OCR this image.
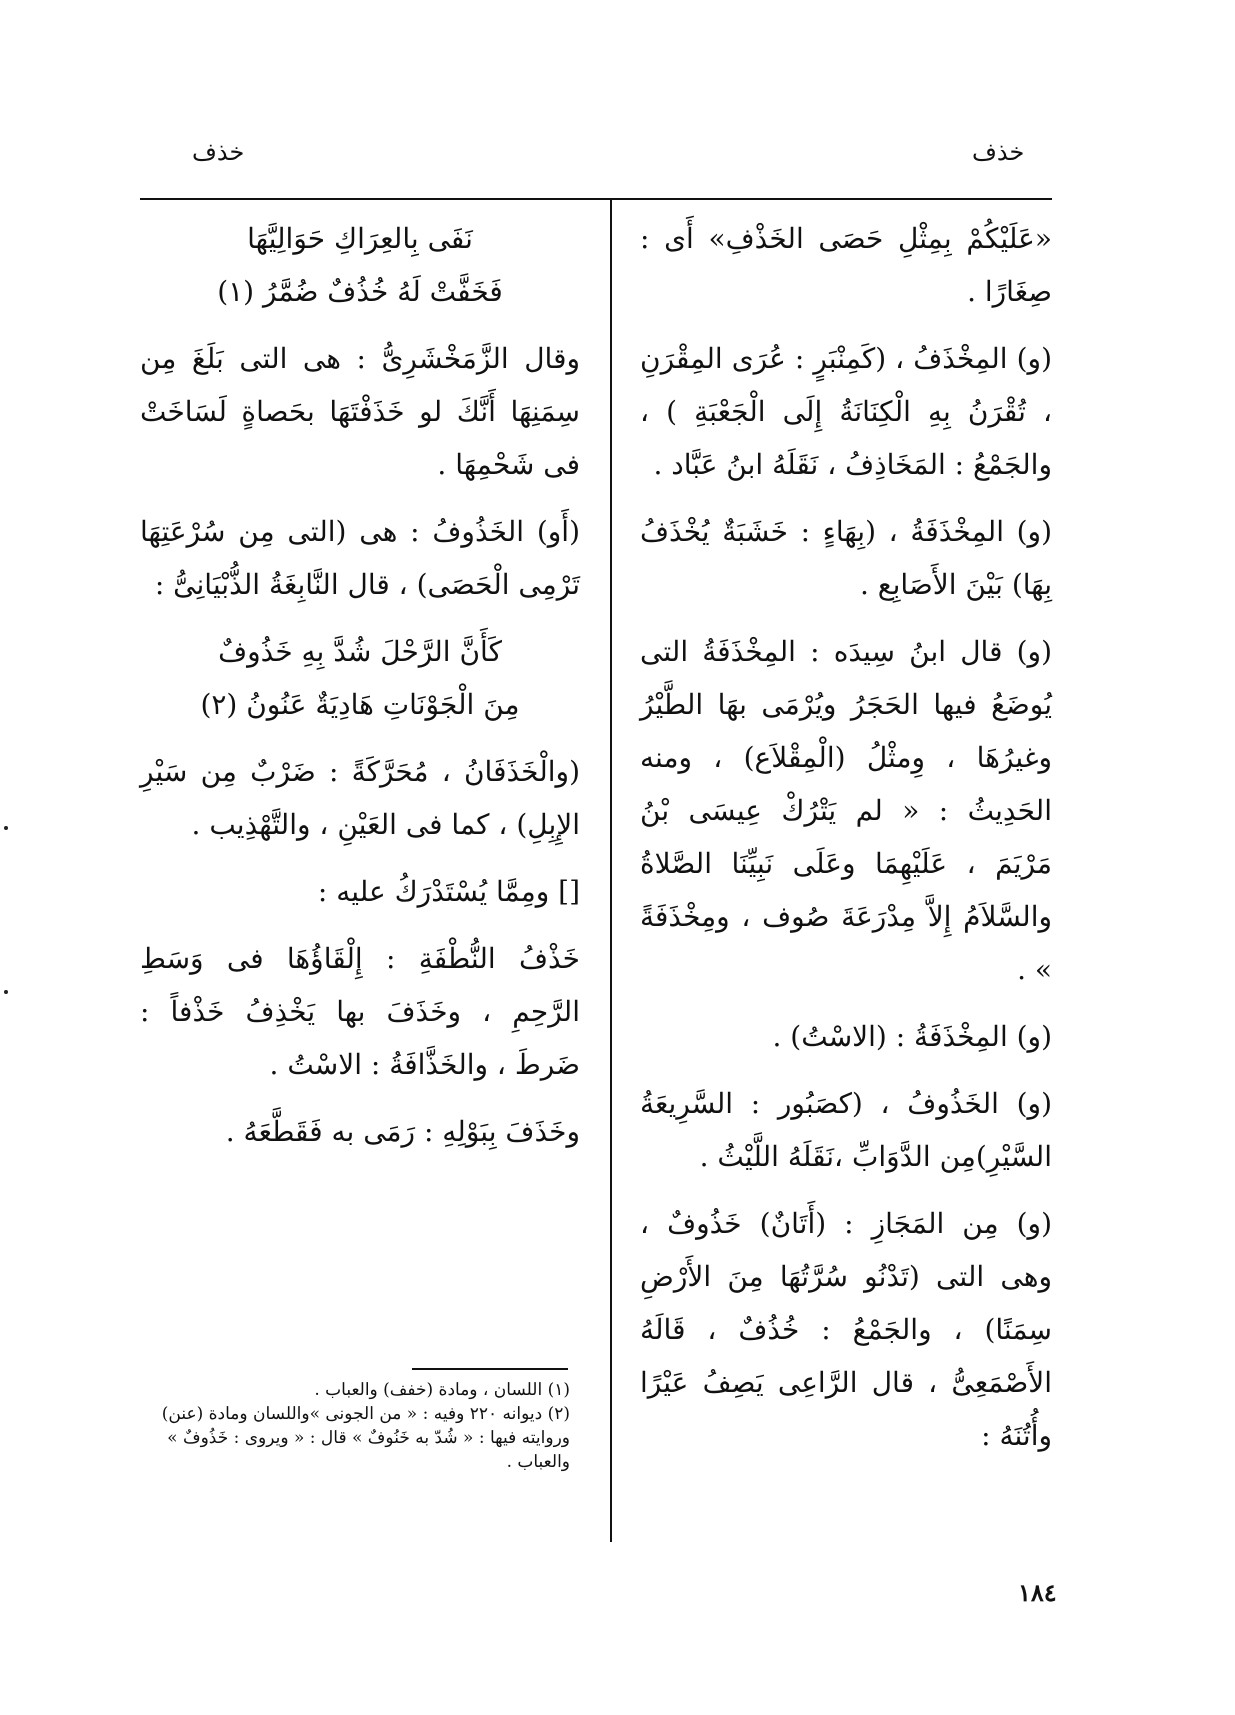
خذف	خذف

«عَلَيْكُمْ بِمِثْلِ حَصَى الخَذْفِ» أَى : صِغَارًا .

(و) المِخْذَفُ ، (كَمِنْبَرٍ : عُرَى المِقْرَنِ ، تُقْرَنُ بِهِ الْكِنَانَةُ إِلَى الْجَعْبَةِ ) ، والجَمْعُ : المَخَاذِفُ ، نَقَلَهُ ابنُ عَبَّاد .

(و) المِخْذَفَةُ ، (بِهَاءٍ : خَشَبَةٌ يُخْذَفُ بِهَا) بَيْنَ الأَصَابِع .

(و) قال ابنُ سِيدَه : المِخْذَفَةُ التى يُوضَعُ فيها الحَجَرُ ويُرْمَى بهَا الطَّيْرُ وغيرُهَا ، وِمثْلُ (الْمِقْلاَع) ، ومنه الحَدِيثُ : « لم يَتْرُكْ عِيسَى بْنُ مَرْيَمَ ، عَلَيْهِمَا وعَلَى نَبِيِّنَا الصَّلاةُ والسَّلاَمُ إِلاَّ مِدْرَعَةَ صُوف ، ومِخْذَفَةً » .

(و) المِخْذَفَةُ : (الاسْتُ) .

(و) الخَذُوفُ ، (كصَبُور : السَّرِيعَةُ السَّيْرِ)مِن الدَّوَابِّ ،نَقَلَهُ اللَّيْثُ .

(و) مِن المَجَازِ : (أَتَانٌ) خَذُوفٌ ، وهى التى (تَدْنُو سُرَّتُهَا مِنَ الأَرْضِ سِمَنًا) ، والجَمْعُ : خُذُفٌ ، قَالَهُ الأَصْمَعِىُّ ، قال الرَّاعِى يَصِفُ عَيْرًا وأُتُنَهُ :

نَفَى بِالعِرَاكِ حَوَالِيَّهَا
فَخَفَّتْ لَهُ خُذُفٌ ضُمَّرُ (١)

وقال الزَّمَخْشَرِىُّ : هى التى بَلَغَ مِن سِمَنِهَا أَنَّكَ لو خَذَفْتَهَا بحَصاةٍ لَسَاخَتْ فى شَحْمِهَا .

(أَو) الخَذُوفُ : هى (التى مِن سُرْعَتِهَا تَرْمِى الْحَصَى) ، قال النَّابِغَةُ الذُّبْيَانِىُّ :

كَأَنَّ الرَّحْلَ شُدَّ بِهِ خَذُوفٌ
مِنَ الْجَوْنَاتِ هَادِيَةٌ عَنُونُ (٢)

(والْخَذَفَانُ ، مُحَرَّكَةً : ضَرْبٌ مِن سَيْرِ الإِبِلِ) ، كما فى العَيْنِ ، والتَّهْذِيب .

[] ومِمَّا يُسْتَدْرَكُ عليه :

خَذْفُ النُّطْفَةِ : إِلْقَاؤُهَا فى وَسَطِ الرَّحِمِ ، وخَذَفَ بها يَخْذِفُ خَذْفاً : ضَرطَ ، والخَذَّافَةُ : الاسْتُ .

وخَذَفَ بِبَوْلِهِ : رَمَى به فَقَطَّعَهُ .

(١) اللسان ، ومادة (خفف) والعباب .

(٢) ديوانه ٢٢٠ وفيه : « من الجونى »واللسان ومادة (عنن) وروايته فيها : « شُدّ به خَنُوفٌ » قال : « ويروى : خَذُوفٌ » والعباب .

١٨٤
